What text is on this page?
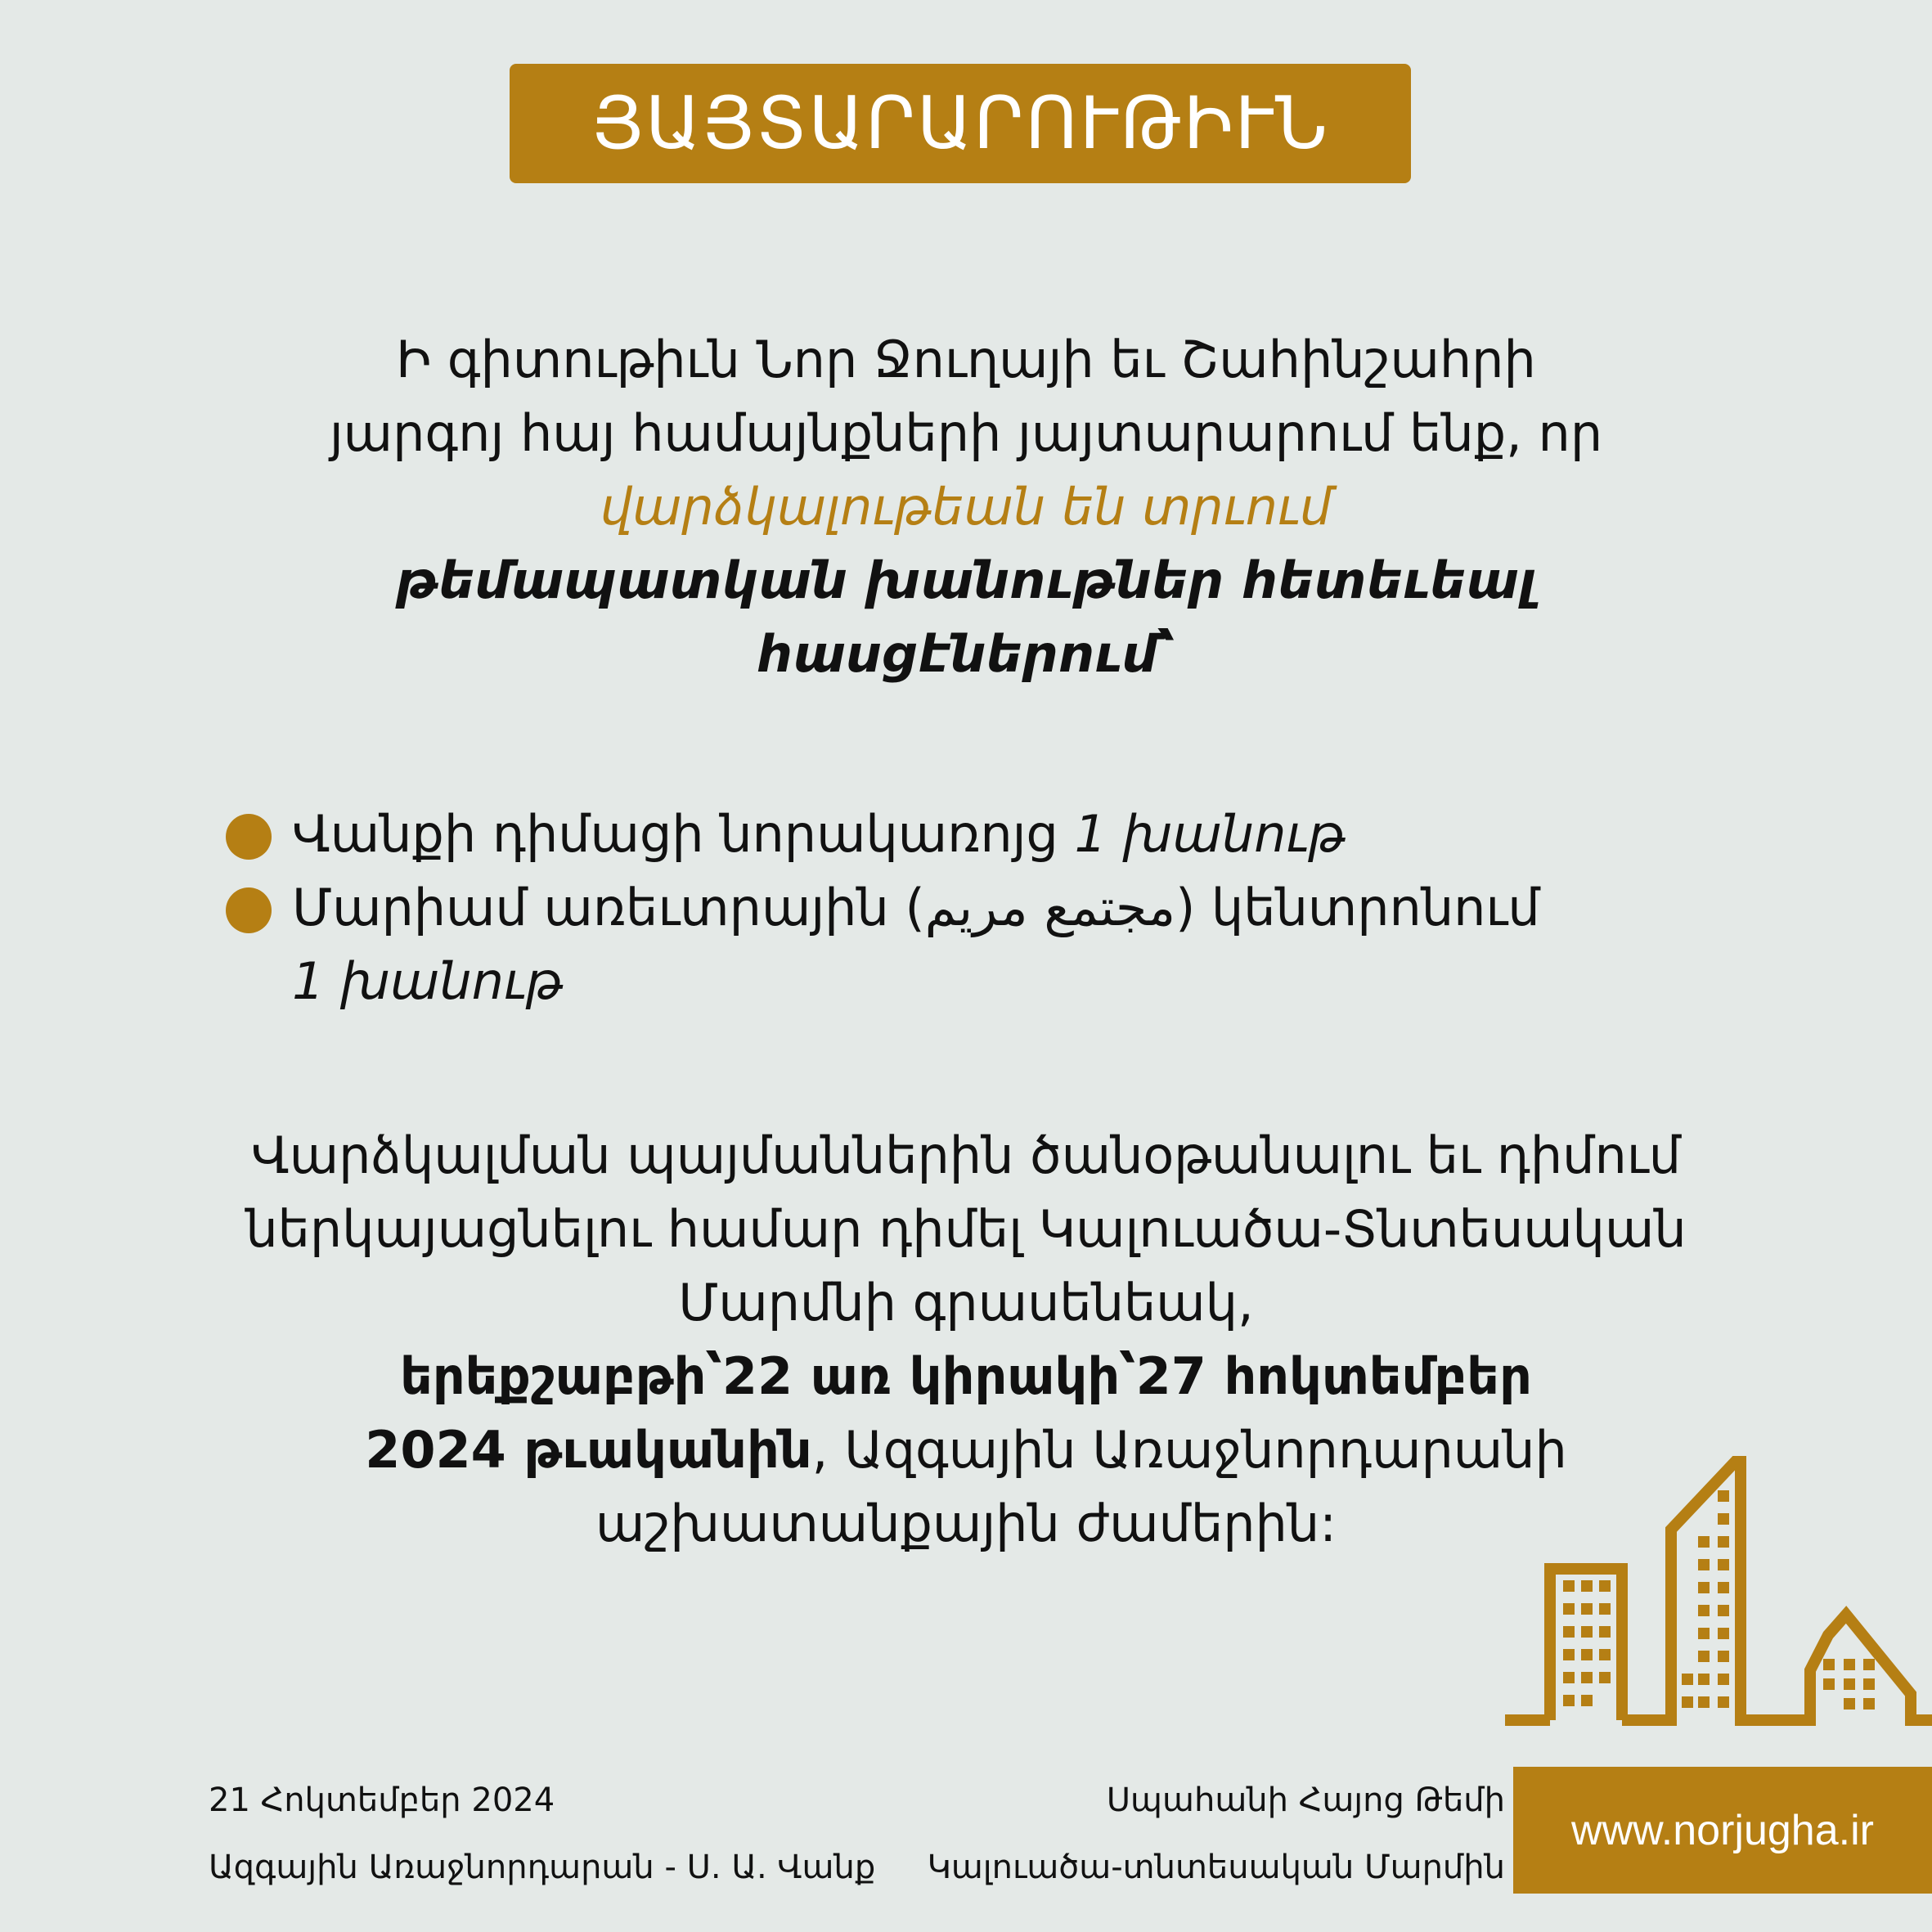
ՅԱՅՏԱՐԱՐՈՒԹԻՒՆ
Ի գիտութիւն Նոր Ջուղայի եւ Շահինշահրի
յարգոյ հայ համայնքների յայտարարում ենք, որ
վարձկալութեան են տրւում
թեմապատկան խանութներ հետեւեալ
հասցէներում՝
Վանքի դիմացի նորակառոյց 1 խանութ
Մարիամ առեւտրային (مجتمع مریم) կենտրոնում
1 խանութ
Վարձկալման պայմաններին ծանօթանալու եւ դիմում
ներկայացնելու համար դիմել Կալուածա-Տնտեսական
Մարմնի գրասենեակ,
երեքշաբթի՝22 առ կիրակի՝27 հոկտեմբեր
2024 թւականին, Ազգային Առաջնորդարանի
աշխատանքային ժամերին:
21 Հոկտեմբեր 2024
Ազգային Առաջնորդարան - Ս. Ա. Վանք
Սպահանի Հայոց Թեմի
Կալուածա-տնտեսական Մարմին
www.norjugha.ir
